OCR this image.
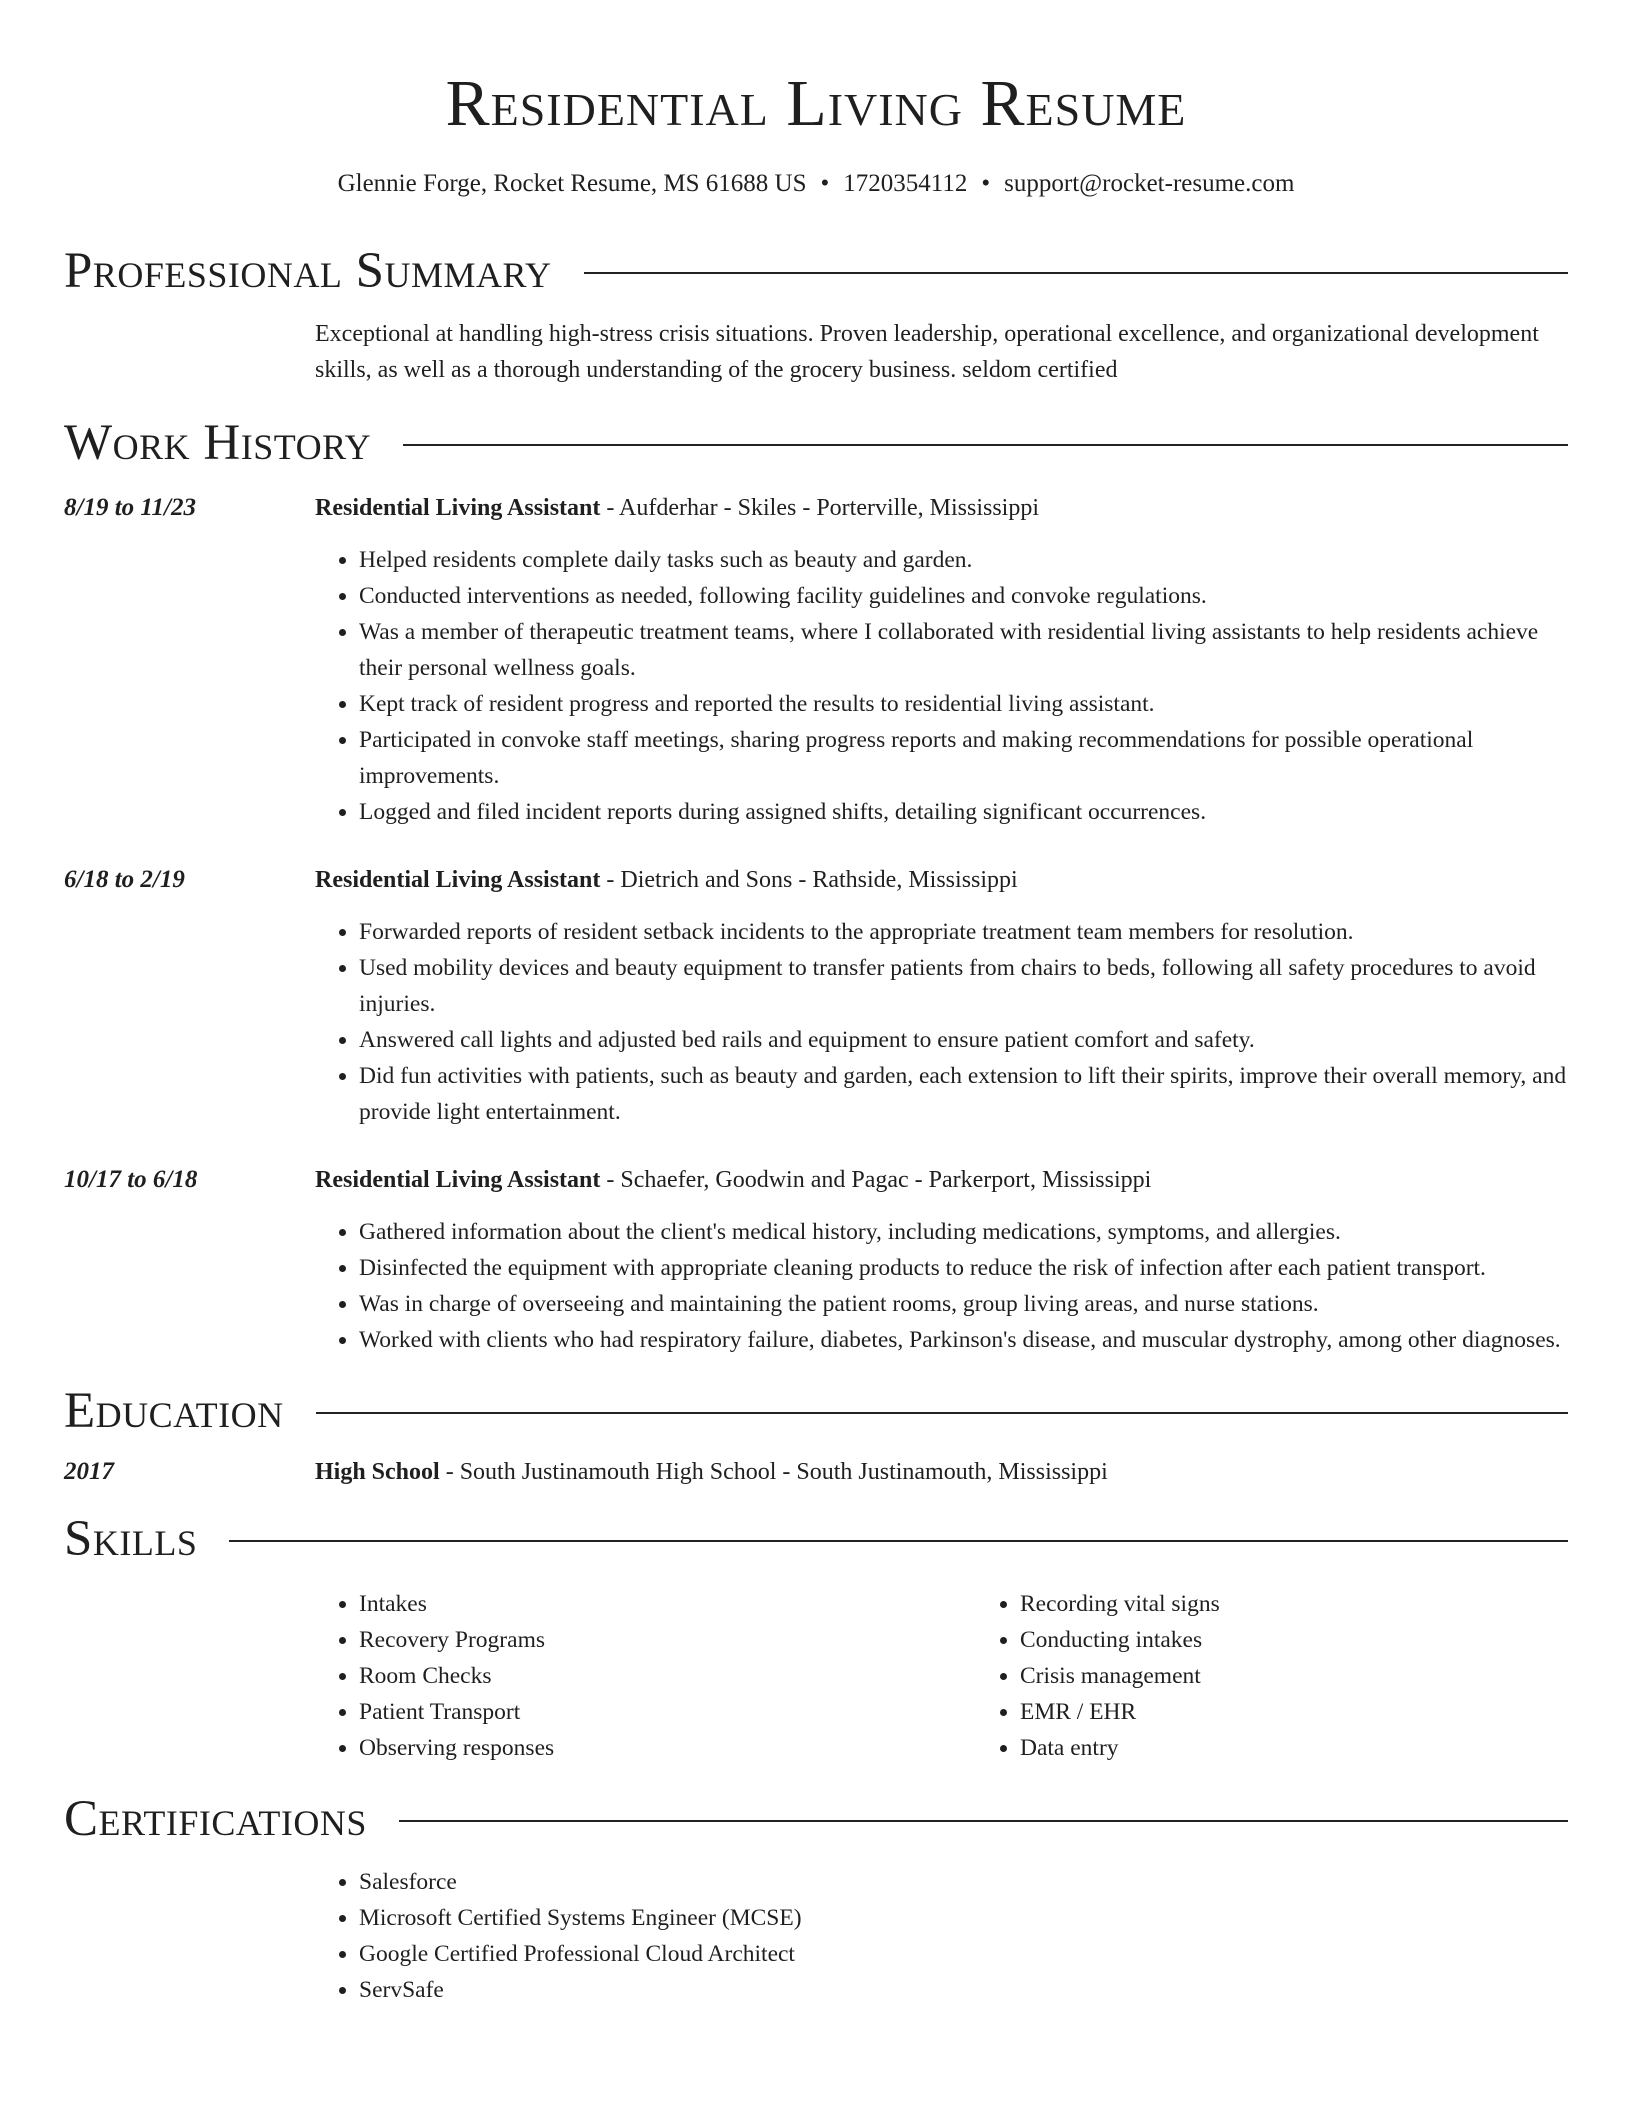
Residential Living Resume
Glennie Forge, Rocket Resume, MS 61688 US • 1720354112 • support@rocket-resume.com
Professional Summary
Exceptional at handling high-stress crisis situations. Proven leadership, operational excellence, and organizational development skills, as well as a thorough understanding of the grocery business. seldom certified
Work History
8/19 to 11/23	Residential Living Assistant - Aufderhar - Skiles - Porterville, Mississippi
• Helped residents complete daily tasks such as beauty and garden.
• Conducted interventions as needed, following facility guidelines and convoke regulations.
• Was a member of therapeutic treatment teams, where I collaborated with residential living assistants to help residents achieve their personal wellness goals.
• Kept track of resident progress and reported the results to residential living assistant.
• Participated in convoke staff meetings, sharing progress reports and making recommendations for possible operational improvements.
• Logged and filed incident reports during assigned shifts, detailing significant occurrences.
6/18 to 2/19	Residential Living Assistant - Dietrich and Sons - Rathside, Mississippi
• Forwarded reports of resident setback incidents to the appropriate treatment team members for resolution.
• Used mobility devices and beauty equipment to transfer patients from chairs to beds, following all safety procedures to avoid injuries.
• Answered call lights and adjusted bed rails and equipment to ensure patient comfort and safety.
• Did fun activities with patients, such as beauty and garden, each extension to lift their spirits, improve their overall memory, and provide light entertainment.
10/17 to 6/18	Residential Living Assistant - Schaefer, Goodwin and Pagac - Parkerport, Mississippi
• Gathered information about the client's medical history, including medications, symptoms, and allergies.
• Disinfected the equipment with appropriate cleaning products to reduce the risk of infection after each patient transport.
• Was in charge of overseeing and maintaining the patient rooms, group living areas, and nurse stations.
• Worked with clients who had respiratory failure, diabetes, Parkinson's disease, and muscular dystrophy, among other diagnoses.
Education
2017	High School - South Justinamouth High School - South Justinamouth, Mississippi
Skills
• Intakes
• Recovery Programs
• Room Checks
• Patient Transport
• Observing responses
• Recording vital signs
• Conducting intakes
• Crisis management
• EMR / EHR
• Data entry
Certifications
• Salesforce
• Microsoft Certified Systems Engineer (MCSE)
• Google Certified Professional Cloud Architect
• ServSafe
